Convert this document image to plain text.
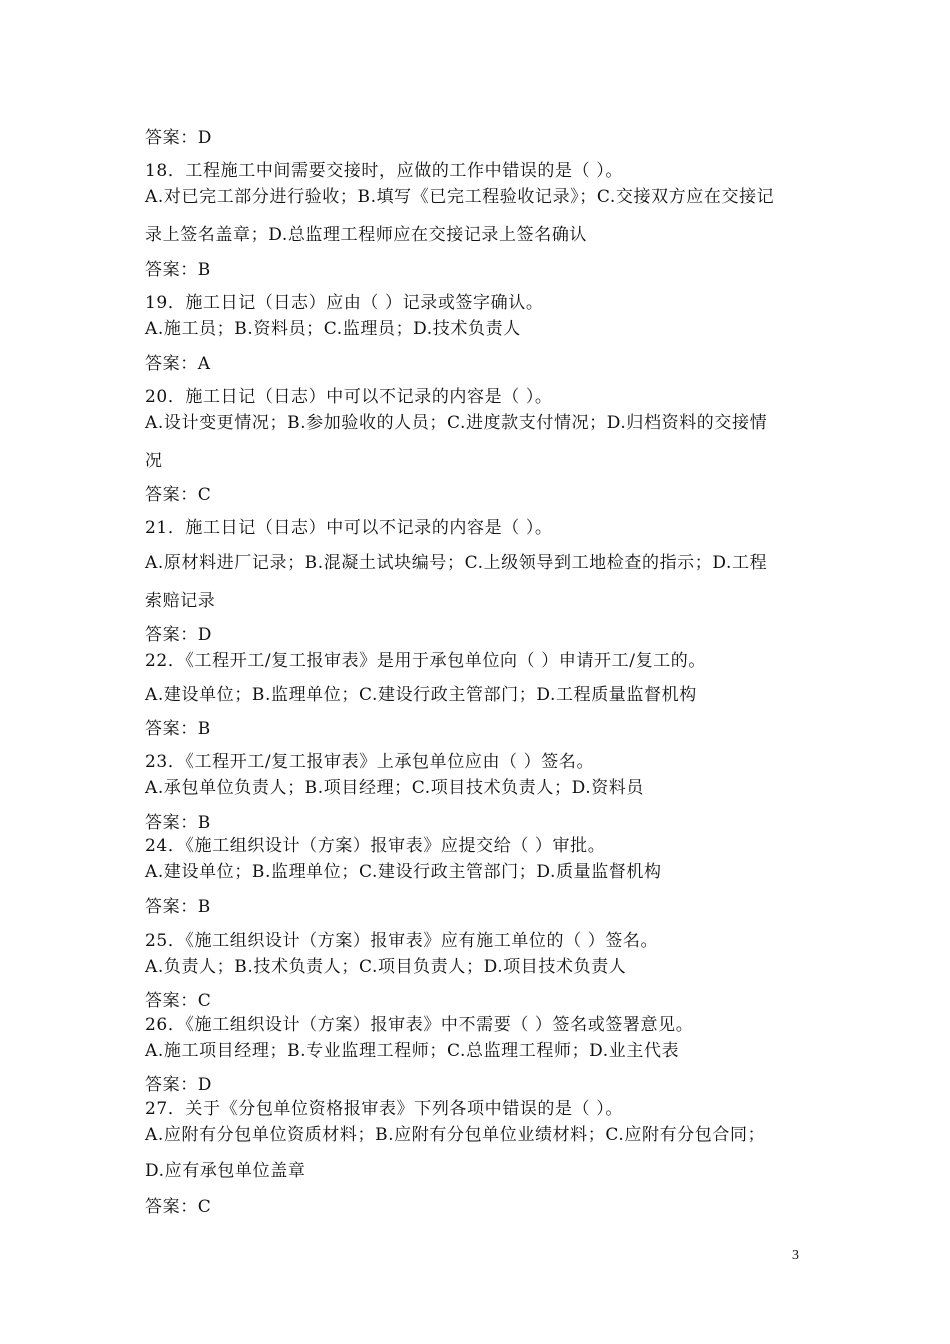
答案：D
18．工程施工中间需要交接时，应做的工作中错误的是（ ）。
A.对已完工部分进行验收；B.填写《已完工程验收记录》；C.交接双方应在交接记
录上签名盖章；D.总监理工程师应在交接记录上签名确认
答案：B
19．施工日记（日志）应由（ ）记录或签字确认。
A.施工员；B.资料员；C.监理员；D.技术负责人
答案：A
20．施工日记（日志）中可以不记录的内容是（ ）。
A.设计变更情况；B.参加验收的人员；C.进度款支付情况；D.归档资料的交接情
况
答案：C
21．施工日记（日志）中可以不记录的内容是（ ）。
A.原材料进厂记录；B.混凝土试块编号；C.上级领导到工地检查的指示；D.工程
索赔记录
答案：D
22．《工程开工/复工报审表》是用于承包单位向（ ）申请开工/复工的。
A.建设单位；B.监理单位；C.建设行政主管部门；D.工程质量监督机构
答案：B
23．《工程开工/复工报审表》上承包单位应由（ ）签名。
A.承包单位负责人；B.项目经理；C.项目技术负责人；D.资料员
答案：B
24．《施工组织设计（方案）报审表》应提交给（ ）审批。
A.建设单位；B.监理单位；C.建设行政主管部门；D.质量监督机构
答案：B
25．《施工组织设计（方案）报审表》应有施工单位的（ ）签名。
A.负责人；B.技术负责人；C.项目负责人；D.项目技术负责人
答案：C
26．《施工组织设计（方案）报审表》中不需要（ ）签名或签署意见。
A.施工项目经理；B.专业监理工程师；C.总监理工程师；D.业主代表
答案：D
27．关于《分包单位资格报审表》下列各项中错误的是（ ）。
A.应附有分包单位资质材料；B.应附有分包单位业绩材料；C.应附有分包合同；
D.应有承包单位盖章
答案：C
3
